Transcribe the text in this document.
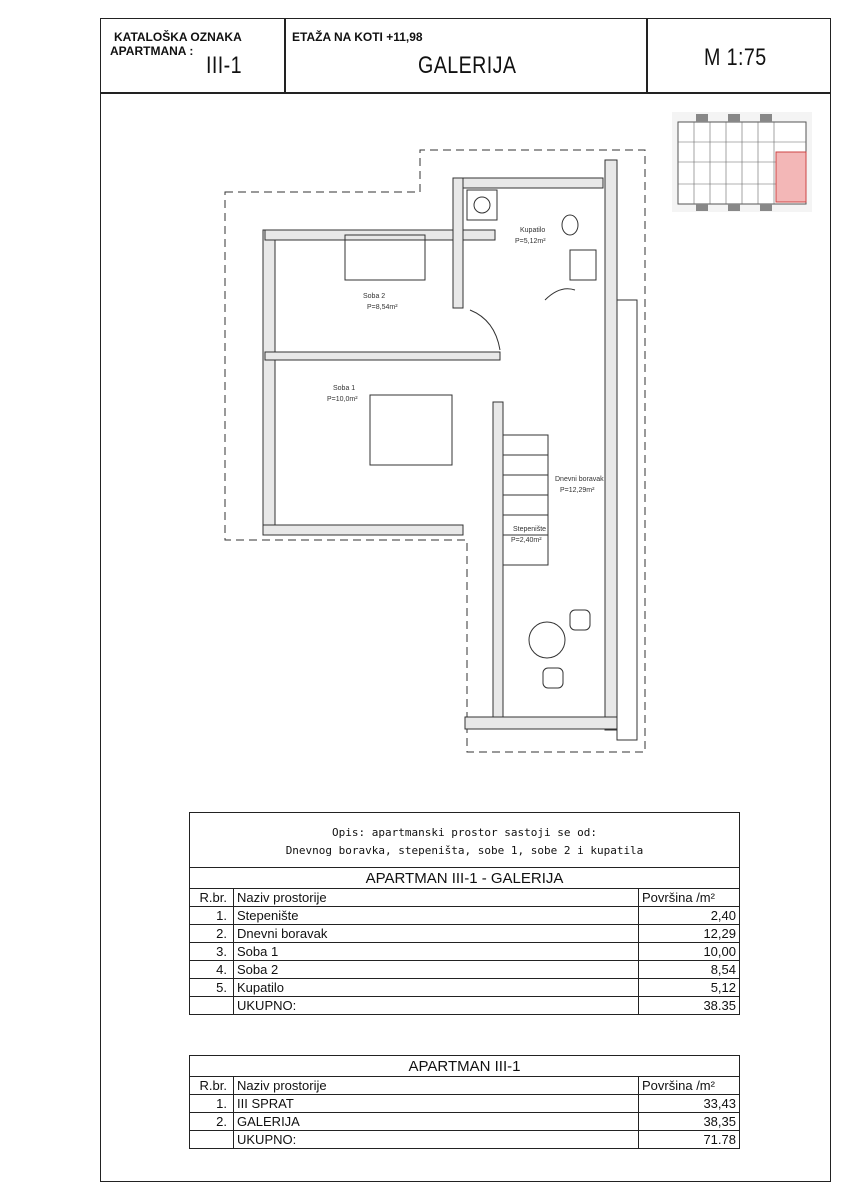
KATALOŠKA OZNAKA
APARTMANA :
III-1
ETAŽA NA KOTI +11,98
GALERIJA	M 1:75
Kupatilo
P=5,12m²
Soba 2
P=8,54m²
Soba 1
P=10,0m²
Dnevni boravak
P=12,29m²
Stepenište
P=2,40m²
Opis: apartmanski prostor sastoji se od:
Dnevnog boravka, stepeništa, sobe 1, sobe 2 i kupatila		

APARTMAN III-1 - GALERIJA		
R.br.	Naziv prostorije	Površina /m²
1.	Stepenište	2,40
2.	Dnevni boravak	12,29
3.	Soba 1	10,00
4.	Soba 2	8,54
5.	Kupatilo	5,12
	UKUPNO:	38.35
APARTMAN III-1		
R.br.	Naziv prostorije	Površina /m²
1.	III SPRAT	33,43
2.	GALERIJA	38,35
	UKUPNO:	71.78
